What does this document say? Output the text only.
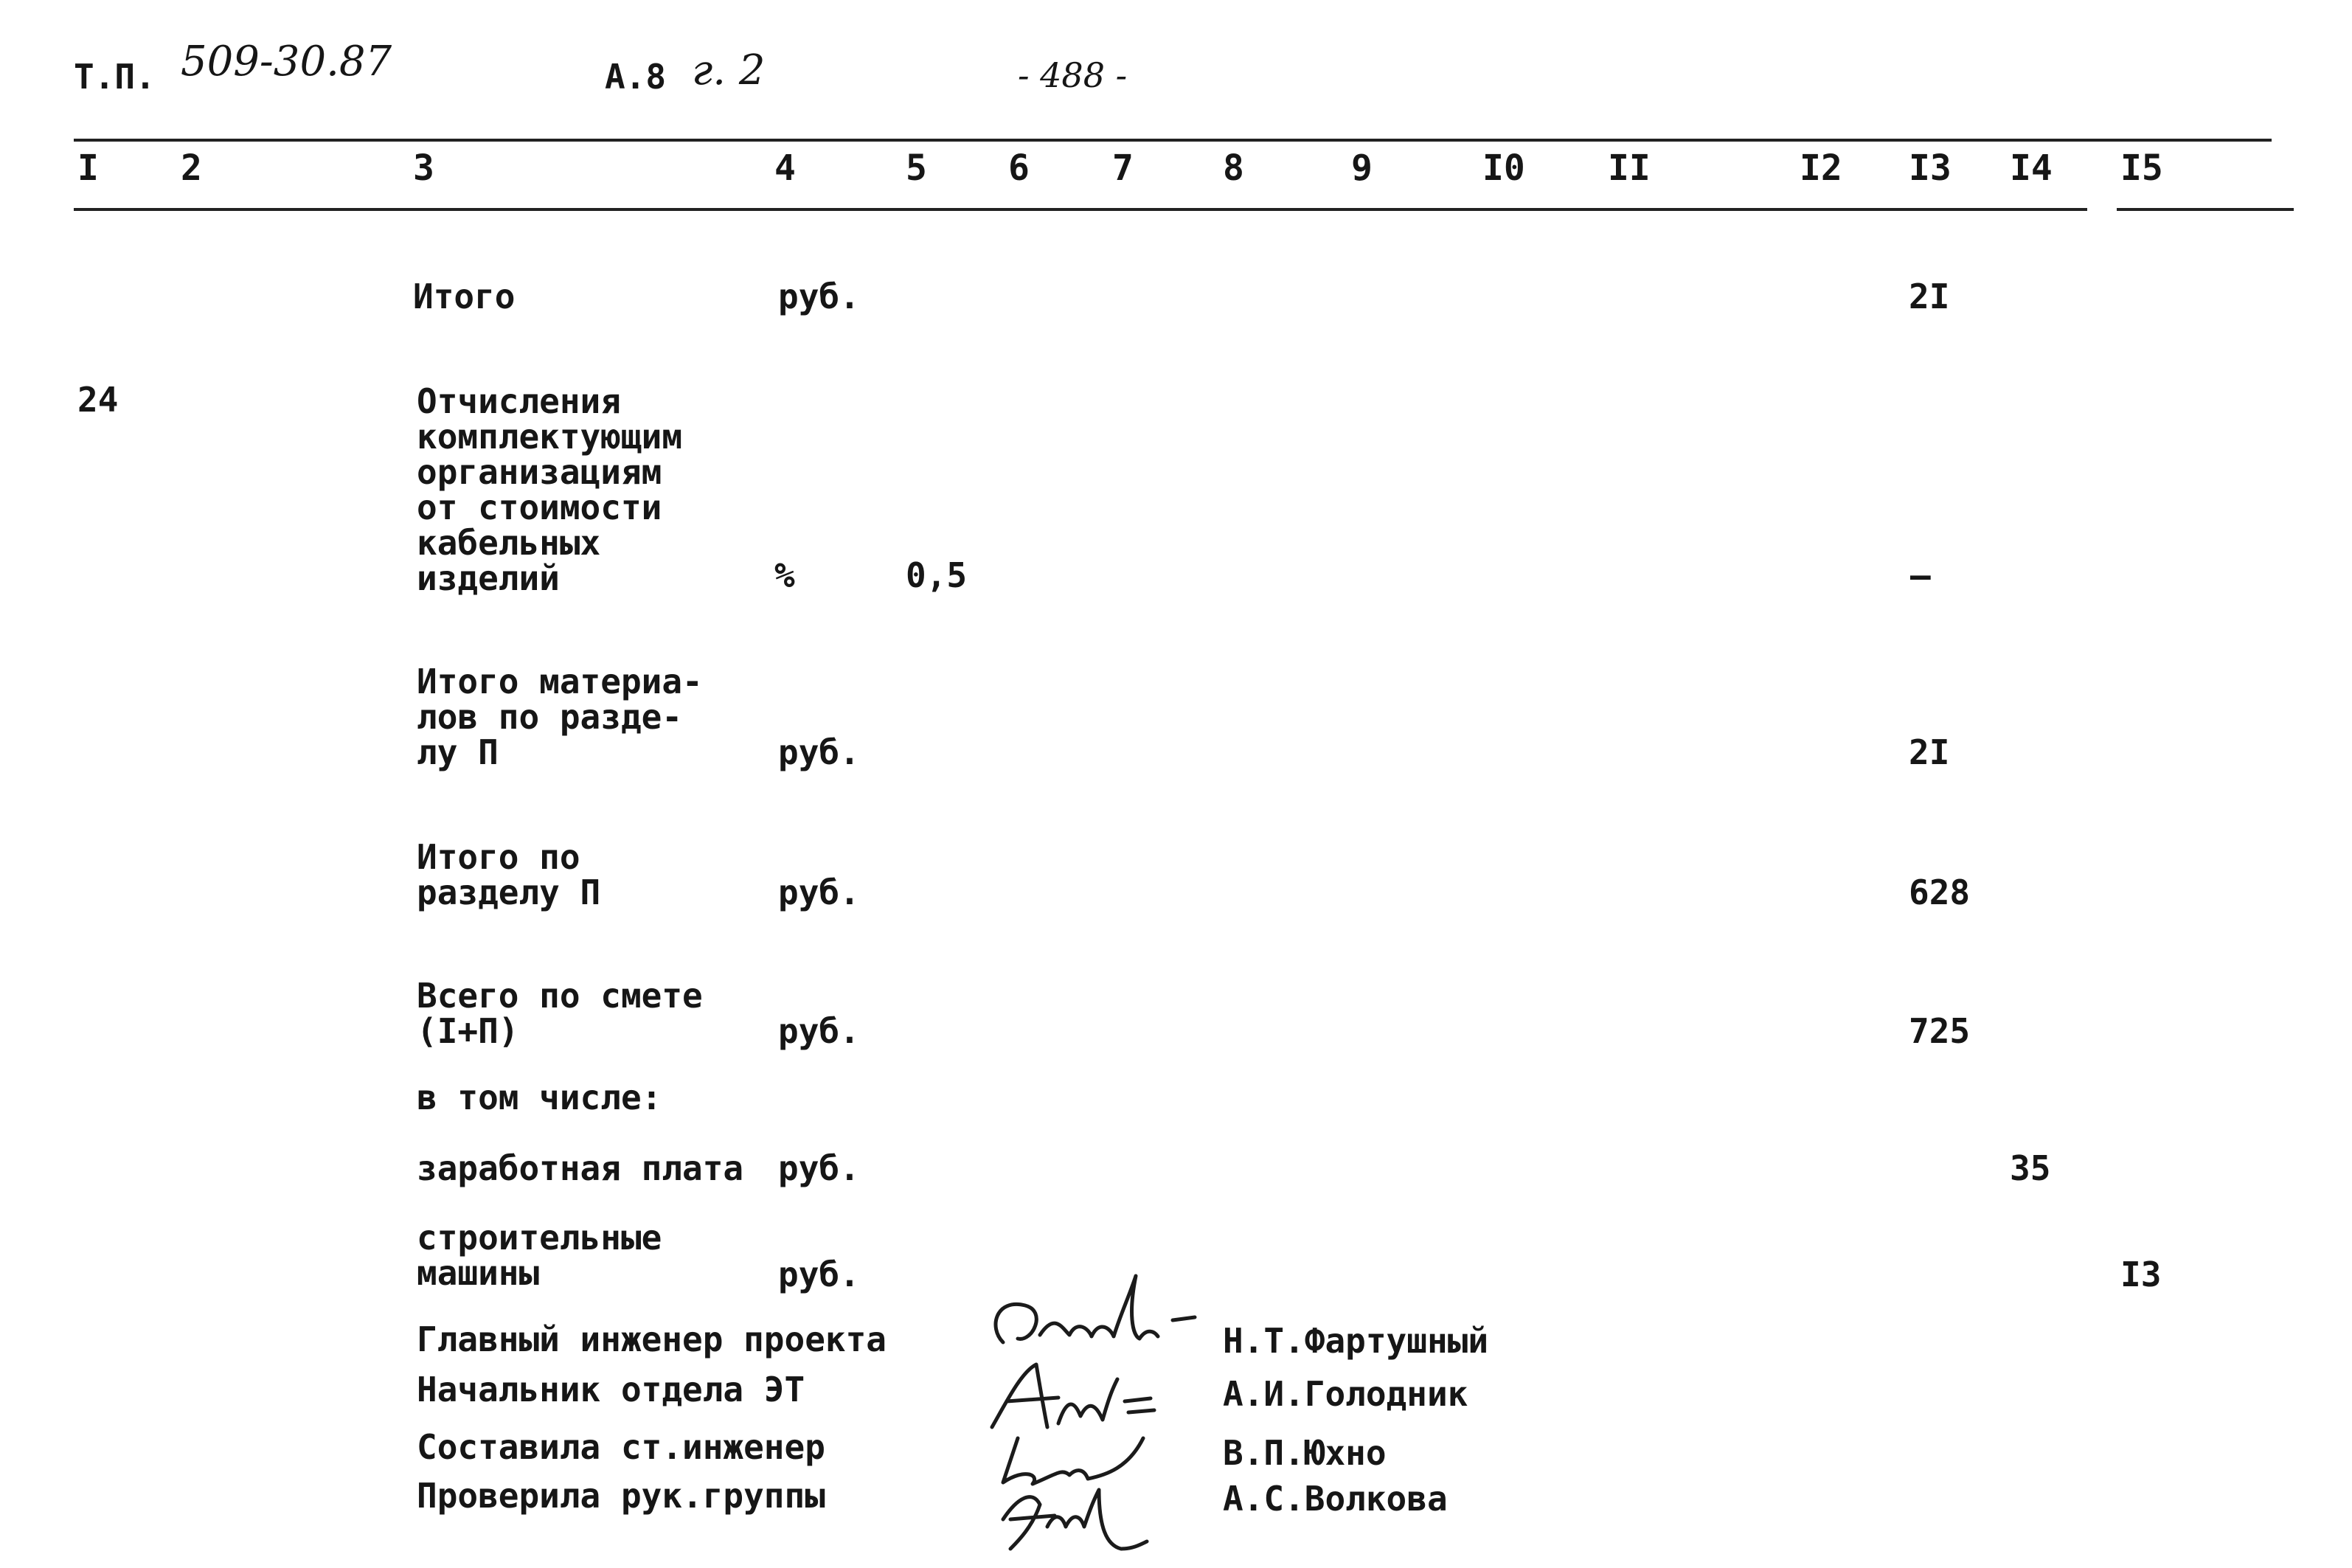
Т.П. 509-30.87	А.8 г. 2	- 488 -
I 2	3	4	5 6 7	8	9	I0 II	I2 I3 I4 I5
Итого	руб.	2I
24	Отчисления
комплектующим
организациям
от стоимости
кабельных
изделий	%	0,5	–
Итого материа-
лов по разде-
лу П	руб.	2I
Итого по
разделу П	руб.	628
Всего по смете
(I+П)	руб.	725
в том числе:
заработная плата руб.	35
строительные
машины	руб.	I3
Главный инженер проекта	Н.Т.Фартушный
Начальник отдела ЭТ	А.И.Голодник
Составила ст.инженер	В.П.Юхно
Проверила рук.группы	А.С.Волкова
